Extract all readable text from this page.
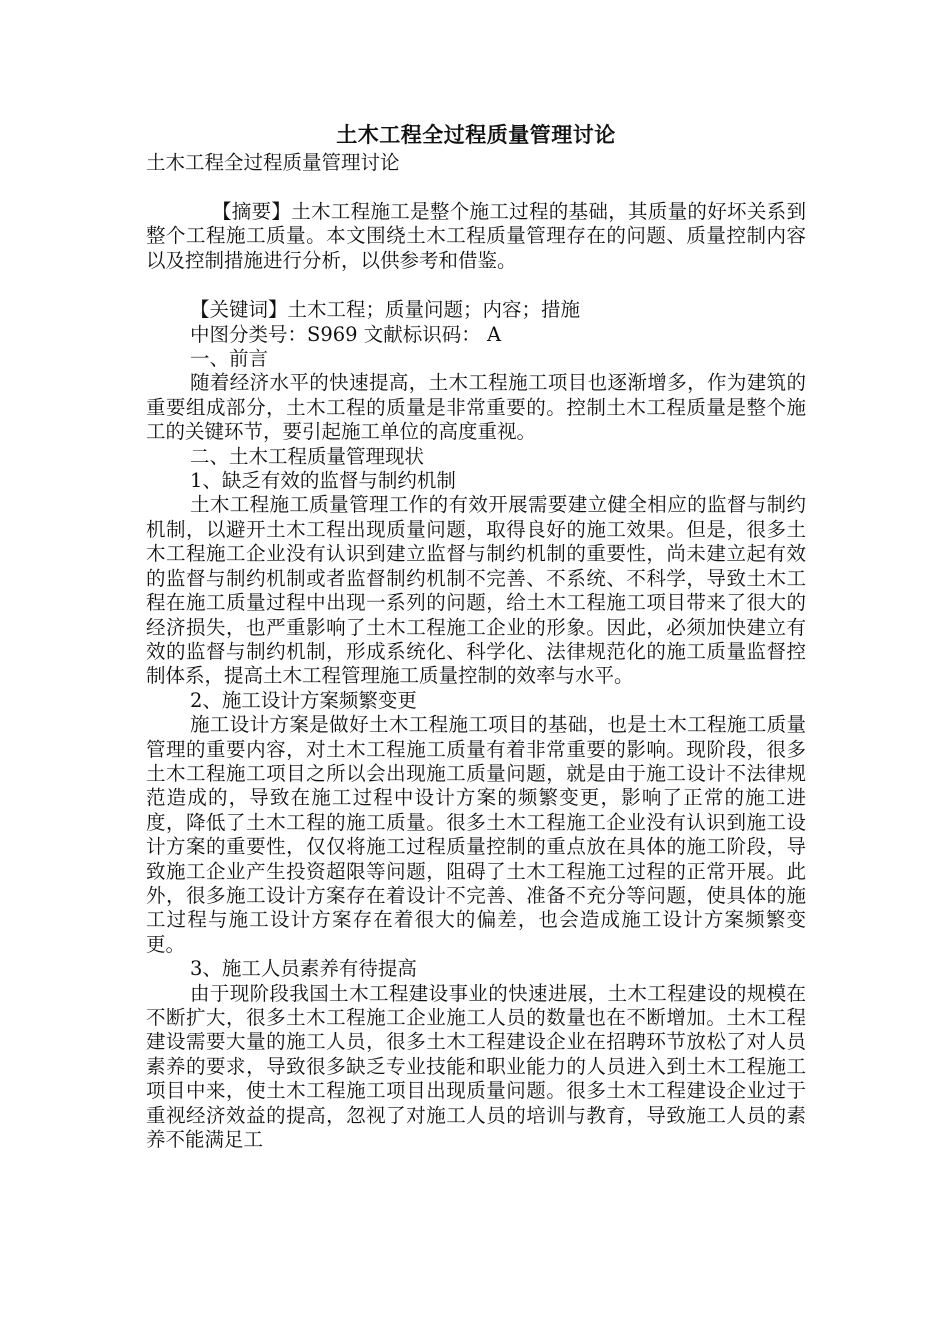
土木工程全过程质量管理讨论

土木工程全过程质量管理讨论

【摘要】土木工程施工是整个施工过程的基础，其质量的好坏关系到整个工程施工质量。本文围绕土木工程质量管理存在的问题、质量控制内容以及控制措施进行分析，以供参考和借鉴。

【关键词】土木工程；质量问题；内容；措施

中图分类号：S969 文献标识码： A

一、前言

随着经济水平的快速提高，土木工程施工项目也逐渐增多，作为建筑的重要组成部分，土木工程的质量是非常重要的。控制土木工程质量是整个施工的关键环节，要引起施工单位的高度重视。

二、土木工程质量管理现状

1、缺乏有效的监督与制约机制

土木工程施工质量管理工作的有效开展需要建立健全相应的监督与制约机制，以避开土木工程出现质量问题，取得良好的施工效果。但是，很多土木工程施工企业没有认识到建立监督与制约机制的重要性，尚未建立起有效的监督与制约机制或者监督制约机制不完善、不系统、不科学，导致土木工程在施工质量过程中出现一系列的问题，给土木工程施工项目带来了很大的经济损失，也严重影响了土木工程施工企业的形象。因此，必须加快建立有效的监督与制约机制，形成系统化、科学化、法律规范化的施工质量监督控制体系，提高土木工程管理施工质量控制的效率与水平。

2、施工设计方案频繁变更

施工设计方案是做好土木工程施工项目的基础，也是土木工程施工质量管理的重要内容，对土木工程施工质量有着非常重要的影响。现阶段，很多土木工程施工项目之所以会出现施工质量问题，就是由于施工设计不法律规范造成的，导致在施工过程中设计方案的频繁变更，影响了正常的施工进度，降低了土木工程的施工质量。很多土木工程施工企业没有认识到施工设计方案的重要性，仅仅将施工过程质量控制的重点放在具体的施工阶段，导致施工企业产生投资超限等问题，阻碍了土木工程施工过程的正常开展。此外，很多施工设计方案存在着设计不完善、准备不充分等问题，使具体的施工过程与施工设计方案存在着很大的偏差，也会造成施工设计方案频繁变更。

3、施工人员素养有待提高

由于现阶段我国土木工程建设事业的快速进展，土木工程建设的规模在不断扩大，很多土木工程施工企业施工人员的数量也在不断增加。土木工程建设需要大量的施工人员，很多土木工程建设企业在招聘环节放松了对人员素养的要求，导致很多缺乏专业技能和职业能力的人员进入到土木工程施工项目中来，使土木工程施工项目出现质量问题。很多土木工程建设企业过于重视经济效益的提高，忽视了对施工人员的培训与教育，导致施工人员的素养不能满足工
